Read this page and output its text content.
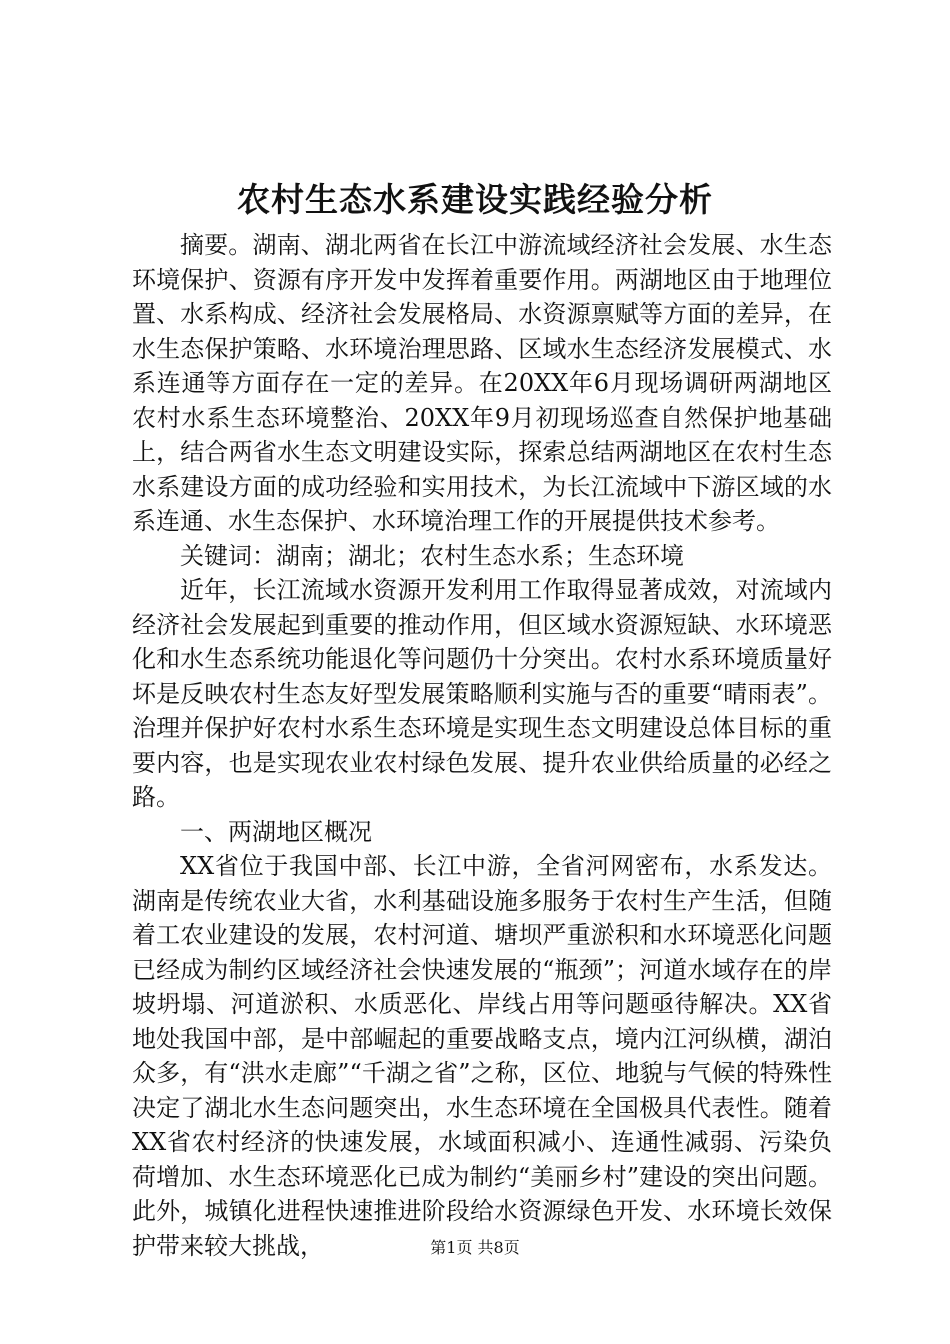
农村生态水系建设实践经验分析

摘要。湖南、湖北两省在长江中游流域经济社会发展、水生态环境保护、资源有序开发中发挥着重要作用。两湖地区由于地理位置、水系构成、经济社会发展格局、水资源禀赋等方面的差异，在水生态保护策略、水环境治理思路、区域水生态经济发展模式、水系连通等方面存在一定的差异。在20XX年6月现场调研两湖地区农村水系生态环境整治、20XX年9月初现场巡查自然保护地基础上，结合两省水生态文明建设实际，探索总结两湖地区在农村生态水系建设方面的成功经验和实用技术，为长江流域中下游区域的水系连通、水生态保护、水环境治理工作的开展提供技术参考。

关键词：湖南；湖北；农村生态水系；生态环境

近年，长江流域水资源开发利用工作取得显著成效，对流域内经济社会发展起到重要的推动作用，但区域水资源短缺、水环境恶化和水生态系统功能退化等问题仍十分突出。农村水系环境质量好坏是反映农村生态友好型发展策略顺利实施与否的重要“晴雨表”。治理并保护好农村水系生态环境是实现生态文明建设总体目标的重要内容，也是实现农业农村绿色发展、提升农业供给质量的必经之路。

一、两湖地区概况

XX省位于我国中部、长江中游，全省河网密布，水系发达。湖南是传统农业大省，水利基础设施多服务于农村生产生活，但随着工农业建设的发展，农村河道、塘坝严重淤积和水环境恶化问题已经成为制约区域经济社会快速发展的“瓶颈”；河道水域存在的岸坡坍塌、河道淤积、水质恶化、岸线占用等问题亟待解决。XX省地处我国中部，是中部崛起的重要战略支点，境内江河纵横，湖泊众多，有“洪水走廊”“千湖之省”之称，区位、地貌与气候的特殊性决定了湖北水生态问题突出，水生态环境在全国极具代表性。随着XX省农村经济的快速发展，水域面积减小、连通性减弱、污染负荷增加、水生态环境恶化已成为制约“美丽乡村”建设的突出问题。此外，城镇化进程快速推进阶段给水资源绿色开发、水环境长效保护带来较大挑战，	第1页 共8页
